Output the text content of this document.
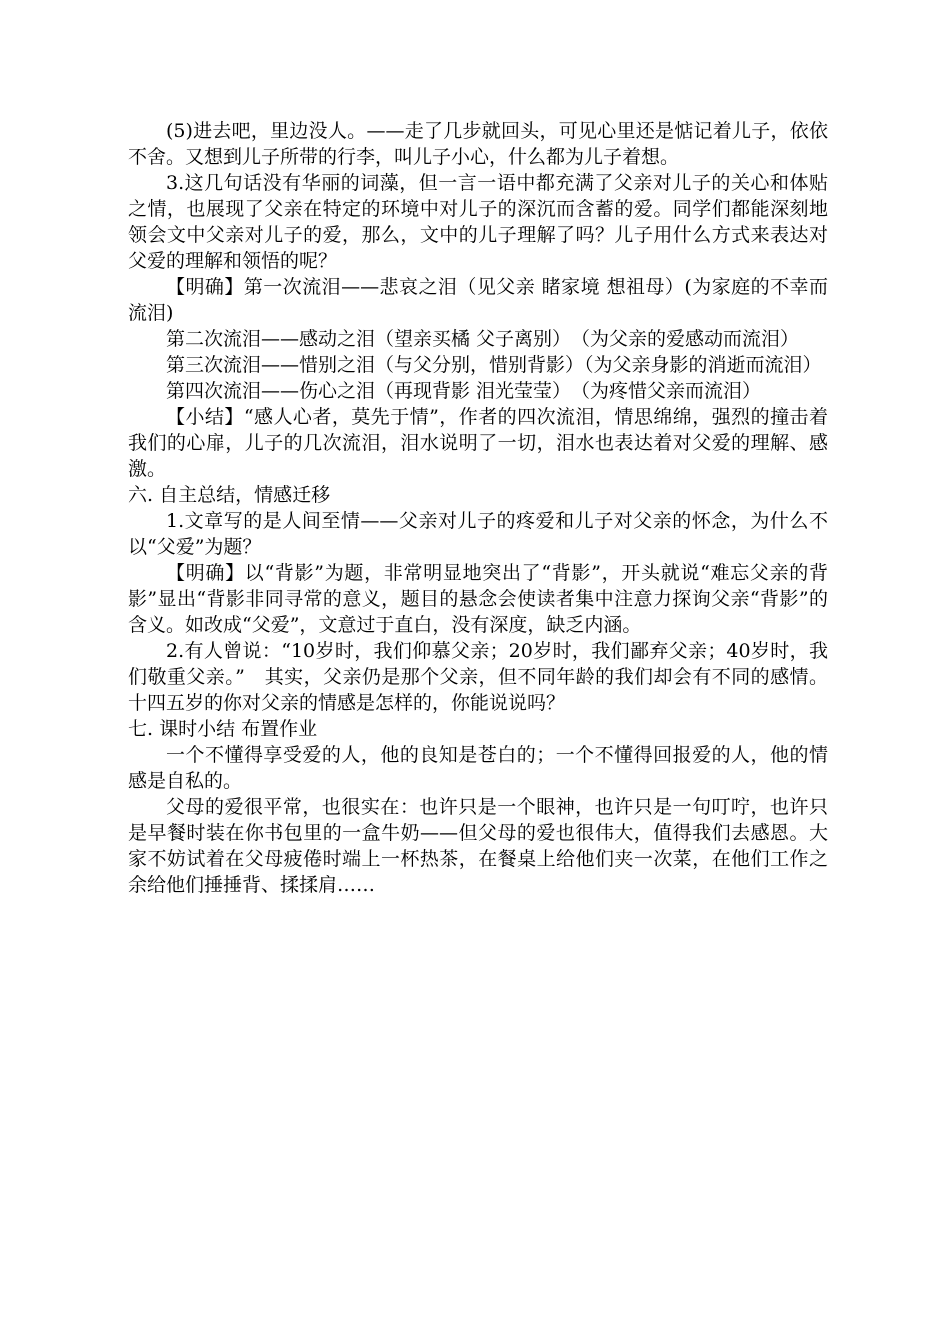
(5)进去吧，里边没人。——走了几步就回头，可见心里还是惦记着儿子，依依不舍。又想到儿子所带的行李，叫儿子小心，什么都为儿子着想。

3.这几句话没有华丽的词藻，但一言一语中都充满了父亲对儿子的关心和体贴之情，也展现了父亲在特定的环境中对儿子的深沉而含蓄的爱。同学们都能深刻地领会文中父亲对儿子的爱，那么，文中的儿子理解了吗？儿子用什么方式来表达对父爱的理解和领悟的呢？

【明确】第一次流泪——悲哀之泪（见父亲 睹家境 想祖母）(为家庭的不幸而流泪)

第二次流泪——感动之泪（望亲买橘 父子离别）　（为父亲的爱感动而流泪）

第三次流泪——惜别之泪（与父分别，惜别背影）（为父亲身影的消逝而流泪）

第四次流泪——伤心之泪（再现背影 泪光莹莹）　（为疼惜父亲而流泪）

【小结】“感人心者，莫先于情”，作者的四次流泪，情思绵绵，强烈的撞击着我们的心扉，儿子的几次流泪，泪水说明了一切，泪水也表达着对父爱的理解、感激。

六. 自主总结，情感迁移

1.文章写的是人间至情——父亲对儿子的疼爱和儿子对父亲的怀念，为什么不以“父爱”为题？

【明确】以“背影”为题，非常明显地突出了“背影”，开头就说“难忘父亲的背影”显出“背影非同寻常的意义，题目的悬念会使读者集中注意力探询父亲“背影”的含义。如改成“父爱”，文意过于直白，没有深度，缺乏内涵。

2.有人曾说：“10岁时，我们仰慕父亲；20岁时，我们鄙弃父亲；40岁时，我们敬重父亲。”　其实，父亲仍是那个父亲，但不同年龄的我们却会有不同的感情。十四五岁的你对父亲的情感是怎样的，你能说说吗？

七. 课时小结 布置作业

一个不懂得享受爱的人，他的良知是苍白的；一个不懂得回报爱的人，他的情感是自私的。

父母的爱很平常，也很实在：也许只是一个眼神，也许只是一句叮咛，也许只是早餐时装在你书包里的一盒牛奶——但父母的爱也很伟大，值得我们去感恩。大家不妨试着在父母疲倦时端上一杯热茶，在餐桌上给他们夹一次菜，在他们工作之余给他们捶捶背、揉揉肩……
